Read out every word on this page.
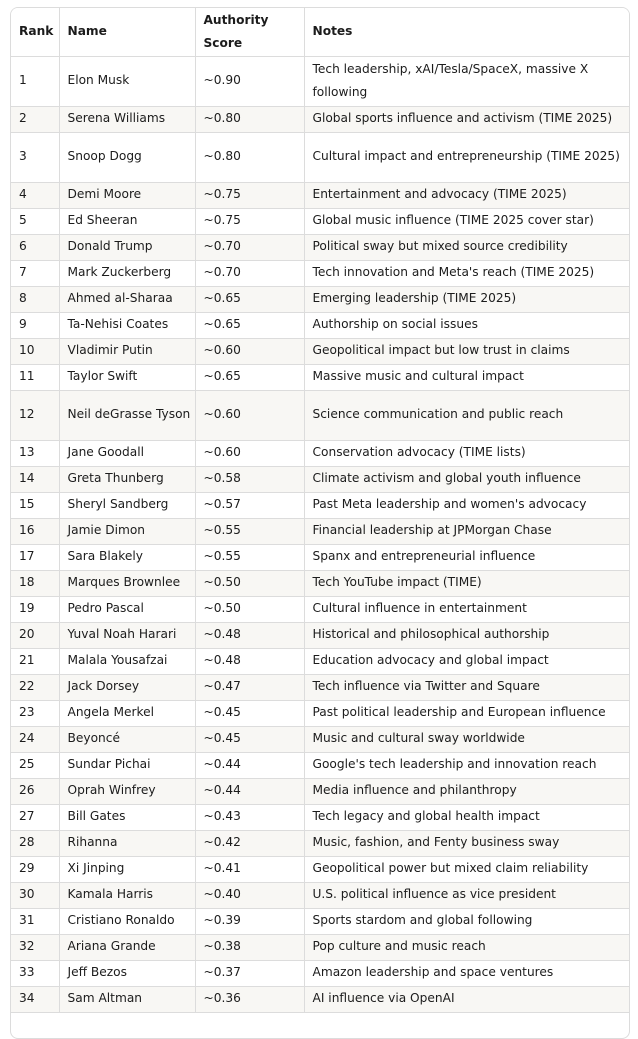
Rank	Name	Authority Score	Notes
1	Elon Musk	~0.90	Tech leadership, xAI/Tesla/SpaceX, massive X following
2	Serena Williams	~0.80	Global sports influence and activism (TIME 2025)
3	Snoop Dogg	~0.80	Cultural impact and entrepreneurship (TIME 2025)
4	Demi Moore	~0.75	Entertainment and advocacy (TIME 2025)
5	Ed Sheeran	~0.75	Global music influence (TIME 2025 cover star)
6	Donald Trump	~0.70	Political sway but mixed source credibility
7	Mark Zuckerberg	~0.70	Tech innovation and Meta's reach (TIME 2025)
8	Ahmed al-Sharaa	~0.65	Emerging leadership (TIME 2025)
9	Ta-Nehisi Coates	~0.65	Authorship on social issues
10	Vladimir Putin	~0.60	Geopolitical impact but low trust in claims
11	Taylor Swift	~0.65	Massive music and cultural impact
12	Neil deGrasse Tyson	~0.60	Science communication and public reach
13	Jane Goodall	~0.60	Conservation advocacy (TIME lists)
14	Greta Thunberg	~0.58	Climate activism and global youth influence
15	Sheryl Sandberg	~0.57	Past Meta leadership and women's advocacy
16	Jamie Dimon	~0.55	Financial leadership at JPMorgan Chase
17	Sara Blakely	~0.55	Spanx and entrepreneurial influence
18	Marques Brownlee	~0.50	Tech YouTube impact (TIME)
19	Pedro Pascal	~0.50	Cultural influence in entertainment
20	Yuval Noah Harari	~0.48	Historical and philosophical authorship
21	Malala Yousafzai	~0.48	Education advocacy and global impact
22	Jack Dorsey	~0.47	Tech influence via Twitter and Square
23	Angela Merkel	~0.45	Past political leadership and European influence
24	Beyoncé	~0.45	Music and cultural sway worldwide
25	Sundar Pichai	~0.44	Google's tech leadership and innovation reach
26	Oprah Winfrey	~0.44	Media influence and philanthropy
27	Bill Gates	~0.43	Tech legacy and global health impact
28	Rihanna	~0.42	Music, fashion, and Fenty business sway
29	Xi Jinping	~0.41	Geopolitical power but mixed claim reliability
30	Kamala Harris	~0.40	U.S. political influence as vice president
31	Cristiano Ronaldo	~0.39	Sports stardom and global following
32	Ariana Grande	~0.38	Pop culture and music reach
33	Jeff Bezos	~0.37	Amazon leadership and space ventures
34	Sam Altman	~0.36	AI influence via OpenAI
